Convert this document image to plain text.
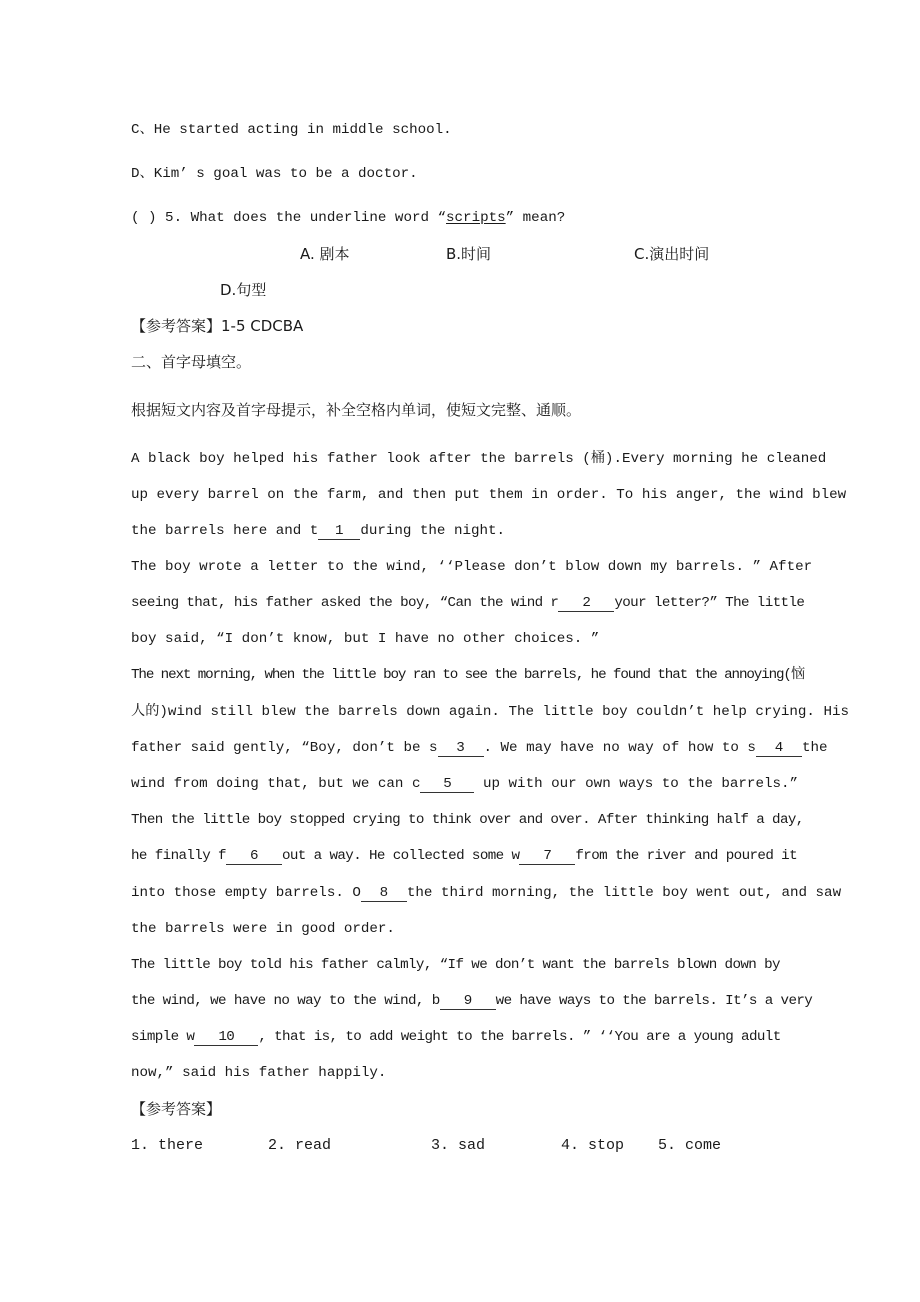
C、He started acting in middle school.
D、Kim’ s goal was to be a doctor.
( ) 5. What does the underline word “scripts” mean?
A. 剧本	B.时间	C.演出时间
D.句型
【参考答案】1-5 CDCBA
二、首字母填空。
根据短文内容及首字母提示，补全空格内单词，使短文完整、通顺。
A black boy helped his father look after the barrels (桶).Every morning he cleaned
up every barrel on the farm, and then put them in order. To his anger, the wind blew
the barrels here and t 1 during the night.
The boy wrote a letter to the wind, ‘‘Please don’t blow down my barrels. ” After
seeing that, his father asked the boy, “Can the wind r 2 your letter?” The little
boy said, “I don’t know, but I have no other choices. ”
The next morning, when the little boy ran to see the barrels, he found that the annoying(恼
人的)wind still blew the barrels down again. The little boy couldn’t help crying. His
father said gently, “Boy, don’t be s 3 . We may have no way of how to s 4 the
wind from doing that, but we can c 5 up with our own ways to the barrels.”
Then the little boy stopped crying to think over and over. After thinking half a day,
he finally f 6 out a way. He collected some w 7 from the river and poured it
into those empty barrels. O 8 the third morning, the little boy went out, and saw
the barrels were in good order.
The little boy told his father calmly, “If we don’t want the barrels blown down by
the wind, we have no way to the wind, b 9 we have ways to the barrels. It’s a very
simple w 10 , that is, to add weight to the barrels. ” ‘‘You are a young adult
now,” said his father happily.
【参考答案】
1. there	2. read	3. sad	4. stop 5. come
